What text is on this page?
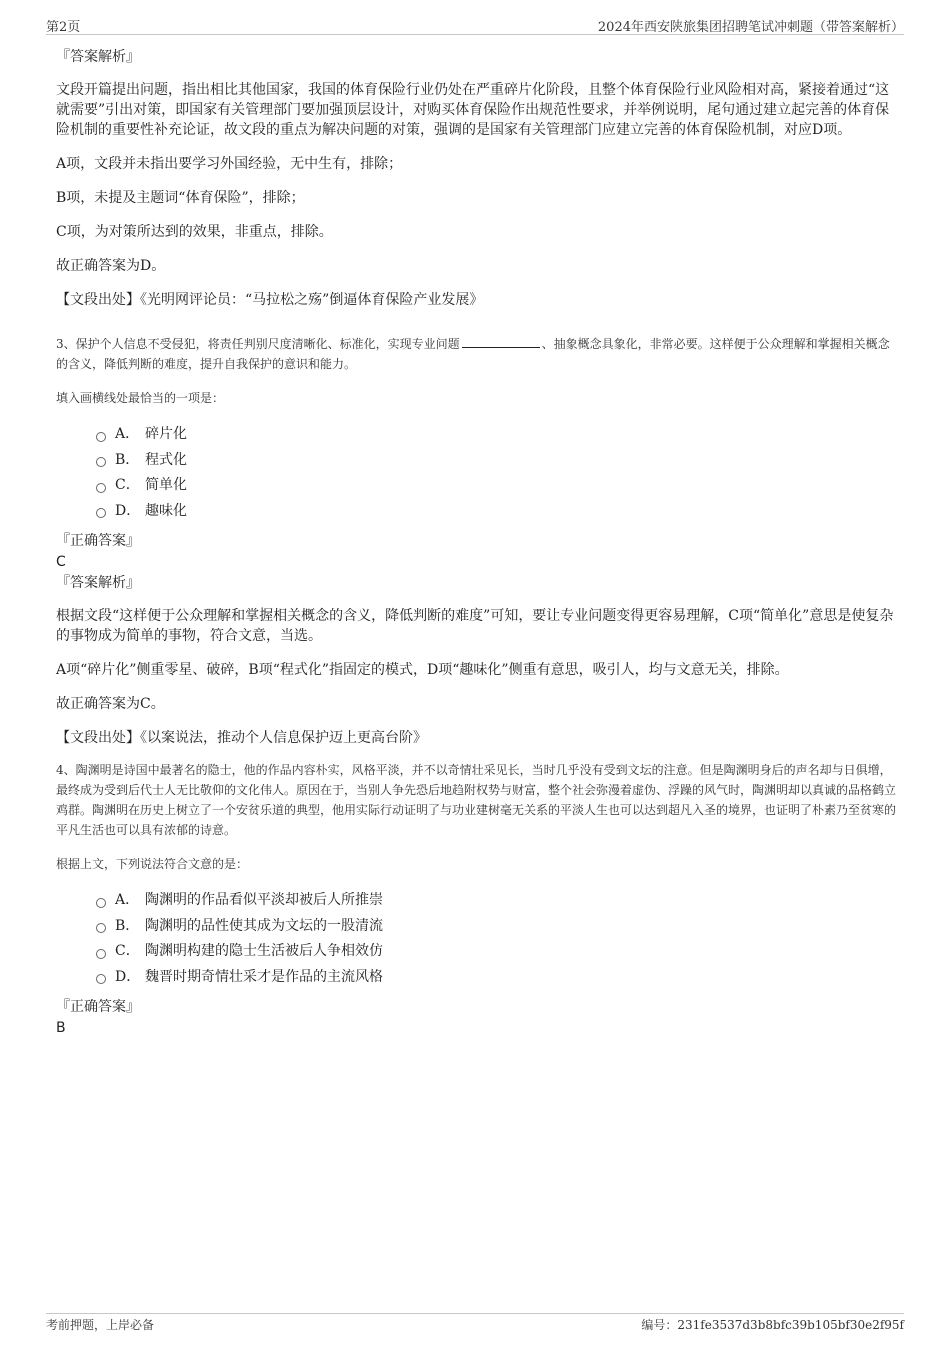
第2页	2024年西安陕旅集团招聘笔试冲刺题（带答案解析）

『答案解析』

文段开篇提出问题，指出相比其他国家，我国的体育保险行业仍处在严重碎片化阶段，且整个体育保险行业风险相对高，紧接着通过“这就需要”引出对策，即国家有关管理部门要加强顶层设计，对购买体育保险作出规范性要求，并举例说明，尾句通过建立起完善的体育保险机制的重要性补充论证，故文段的重点为解决问题的对策，强调的是国家有关管理部门应建立完善的体育保险机制，对应D项。

A项，文段并未指出要学习外国经验，无中生有，排除；

B项，未提及主题词“体育保险”，排除；

C项，为对策所达到的效果，非重点，排除。

故正确答案为D。

【文段出处】《光明网评论员：“马拉松之殇”倒逼体育保险产业发展》

3、保护个人信息不受侵犯，将责任判别尺度清晰化、标准化，实现专业问题	、抽象概念具象化，非常必要。这样便于公众理解和掌握相关概念的含义，降低判断的难度，提升自我保护的意识和能力。

填入画横线处最恰当的一项是：

A． 碎片化
B． 程式化
C． 简单化
D． 趣味化

『正确答案』

C

『答案解析』

根据文段“这样便于公众理解和掌握相关概念的含义，降低判断的难度”可知，要让专业问题变得更容易理解，C项“简单化”意思是使复杂的事物成为简单的事物，符合文意，当选。

A项“碎片化”侧重零星、破碎，B项“程式化”指固定的模式，D项“趣味化”侧重有意思，吸引人，均与文意无关，排除。

故正确答案为C。

【文段出处】《以案说法，推动个人信息保护迈上更高台阶》

4、陶渊明是诗国中最著名的隐士，他的作品内容朴实，风格平淡，并不以奇情壮采见长，当时几乎没有受到文坛的注意。但是陶渊明身后的声名却与日俱增，最终成为受到后代士人无比敬仰的文化伟人。原因在于，当别人争先恐后地趋附权势与财富，整个社会弥漫着虚伪、浮躁的风气时，陶渊明却以真诚的品格鹤立鸡群。陶渊明在历史上树立了一个安贫乐道的典型，他用实际行动证明了与功业建树毫无关系的平淡人生也可以达到超凡入圣的境界，也证明了朴素乃至贫寒的平凡生活也可以具有浓郁的诗意。

根据上文，下列说法符合文意的是：

A． 陶渊明的作品看似平淡却被后人所推崇
B． 陶渊明的品性使其成为文坛的一股清流
C． 陶渊明构建的隐士生活被后人争相效仿
D． 魏晋时期奇情壮采才是作品的主流风格

『正确答案』

B

考前押题，上岸必备	编号：231fe3537d3b8bfc39b105bf30e2f95f
